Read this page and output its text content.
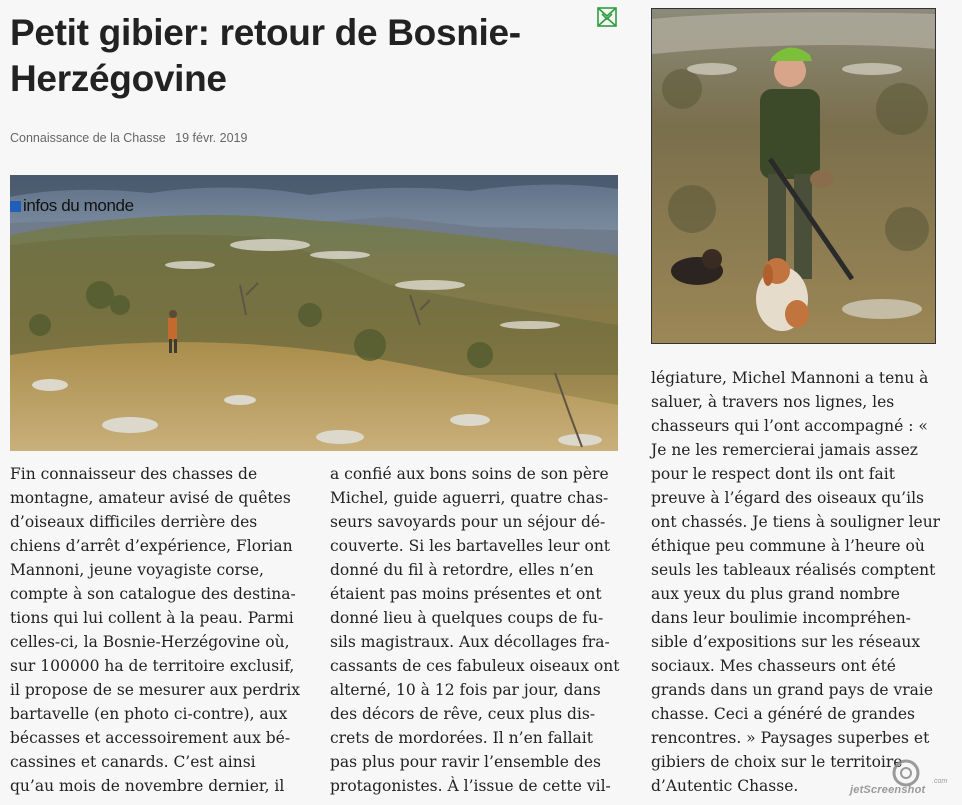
Petit gibier: retour de Bosnie-Herzégovine
Connaissance de la Chasse 19 févr. 2019
infos du monde
Fin connaisseur des chasses de
montagne, amateur avisé de quêtes
d’oiseaux difficiles derrière des
chiens d’arrêt d’expérience, Florian
Mannoni, jeune voyagiste corse,
compte à son catalogue des destina-
tions qui lui collent à la peau. Parmi
celles-ci, la Bosnie-Herzégovine où,
sur 100000 ha de territoire exclusif,
il propose de se mesurer aux perdrix
bartavelle (en photo ci-contre), aux
bécasses et accessoirement aux bé-
cassines et canards. C’est ainsi
qu’au mois de novembre dernier, il
a confié aux bons soins de son père
Michel, guide aguerri, quatre chas-
seurs savoyards pour un séjour dé-
couverte. Si les bartavelles leur ont
donné du fil à retordre, elles n’en
étaient pas moins présentes et ont
donné lieu à quelques coups de fu-
sils magistraux. Aux décollages fra-
cassants de ces fabuleux oiseaux ont
alterné, 10 à 12 fois par jour, dans
des décors de rêve, ceux plus dis-
crets de mordorées. Il n’en fallait
pas plus pour ravir l’ensemble des
protagonistes. À l’issue de cette vil-
légiature, Michel Mannoni a tenu à
saluer, à travers nos lignes, les
chasseurs qui l’ont accompagné : «
Je ne les remercierai jamais assez
pour le respect dont ils ont fait
preuve à l’égard des oiseaux qu’ils
ont chassés. Je tiens à souligner leur
éthique peu commune à l’heure où
seuls les tableaux réalisés comptent
aux yeux du plus grand nombre
dans leur boulimie incompréhen-
sible d’expositions sur les réseaux
sociaux. Mes chasseurs ont été
grands dans un grand pays de vraie
chasse. Ceci a généré de grandes
rencontres. » Paysages superbes et
gibiers de choix sur le territoire
d’Autentic Chasse.	jetScreenshot
.com
